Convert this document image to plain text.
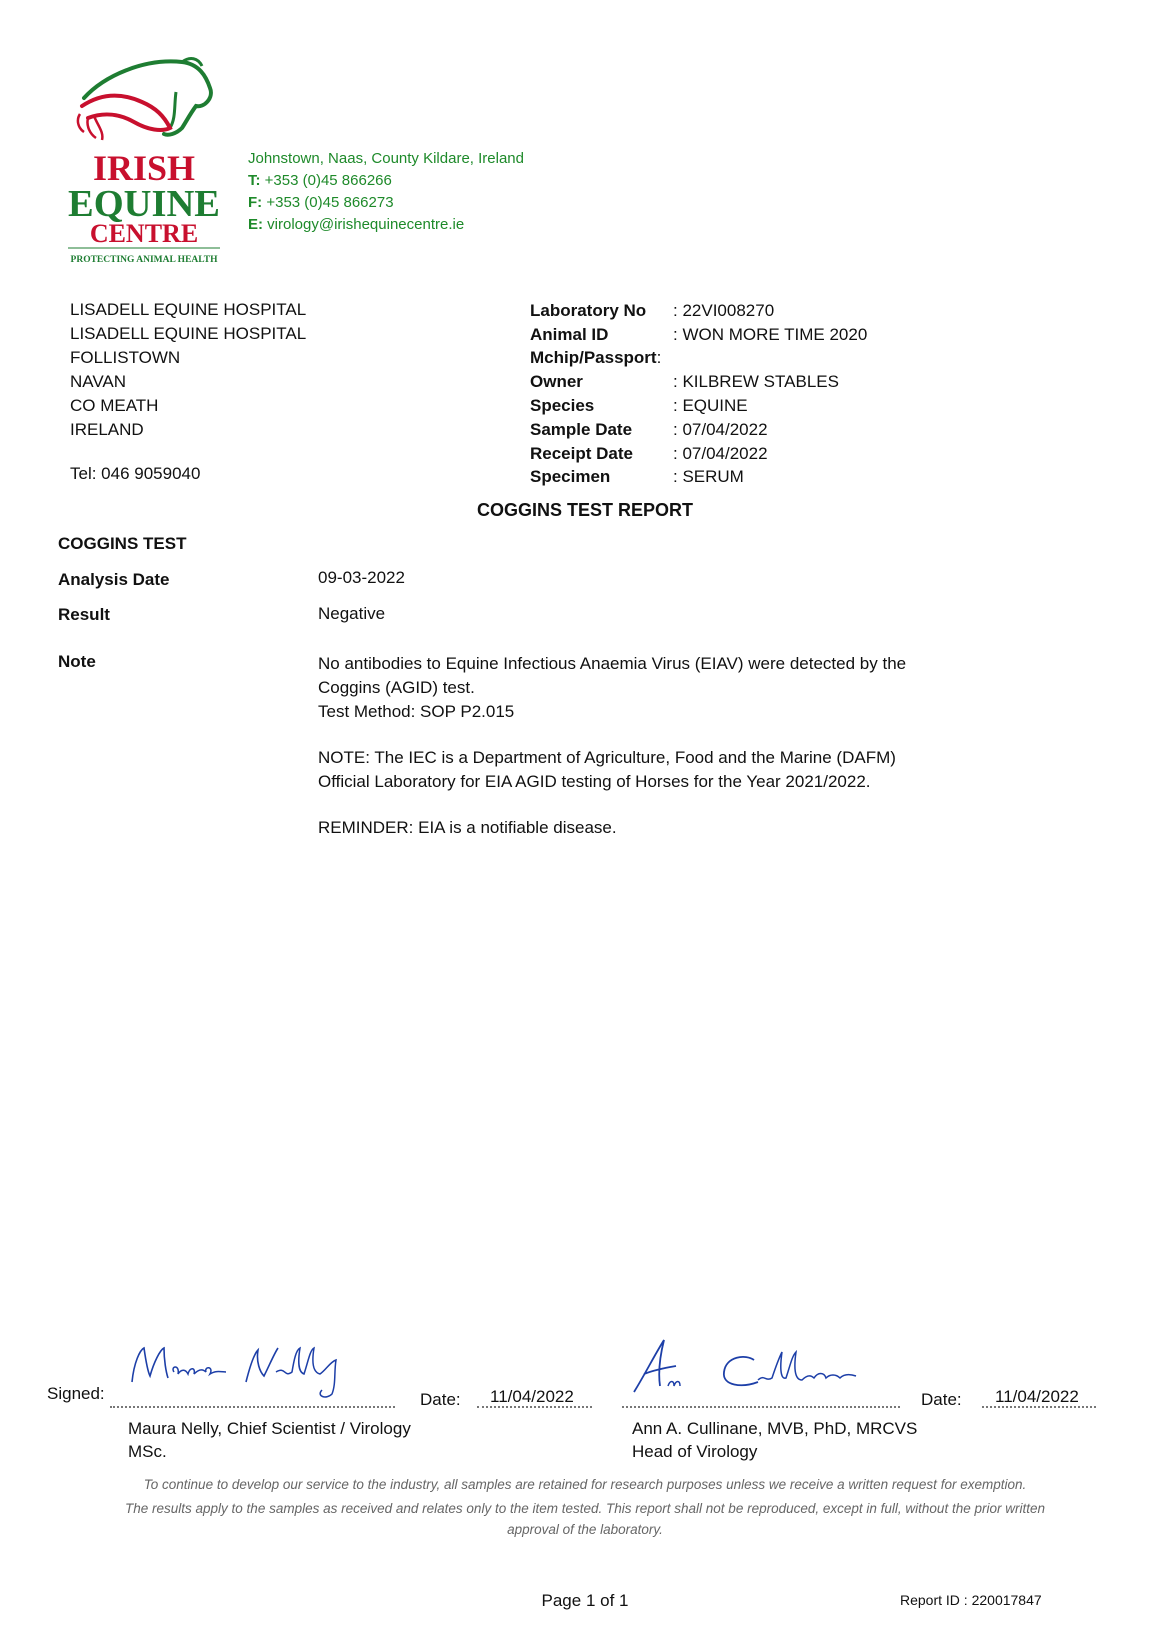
IRISH
EQUINE
CENTRE
PROTECTING ANIMAL HEALTH
Johnstown, Naas, County Kildare, Ireland
T: +353 (0)45 866266
F: +353 (0)45 866273
E: virology@irishequinecentre.ie
LISADELL EQUINE HOSPITAL
LISADELL EQUINE HOSPITAL
FOLLISTOWN
NAVAN
CO MEATH
IRELAND
Tel: 046 9059040
Laboratory No	: 22VI008270
Animal ID	: WON MORE TIME 2020
Mchip/Passport :
Owner	: KILBREW STABLES
Species	: EQUINE
Sample Date	: 07/04/2022
Receipt Date	: 07/04/2022
Specimen	: SERUM
COGGINS TEST REPORT
COGGINS TEST
Analysis Date	09-03-2022
Result	Negative
Note	No antibodies to Equine Infectious Anaemia Virus (EIAV) were detected by the Coggins (AGID) test.

Test Method: SOP P2.015

NOTE: The IEC is a Department of Agriculture, Food and the Marine (DAFM) Official Laboratory for EIA AGID testing of Horses for the Year 2021/2022.

REMINDER: EIA is a notifiable disease.

Signed:	Date: 11/04/2022
Maura Nelly, Chief Scientist / Virology
MSc.
Date: 11/04/2022
Ann A. Cullinane, MVB, PhD, MRCVS
Head of Virology
To continue to develop our service to the industry, all samples are retained for research purposes unless we receive a written request for exemption.
The results apply to the samples as received and relates only to the item tested. This report shall not be reproduced, except in full, without the prior written approval of the laboratory.
Page 1 of 1	Report ID : 220017847
